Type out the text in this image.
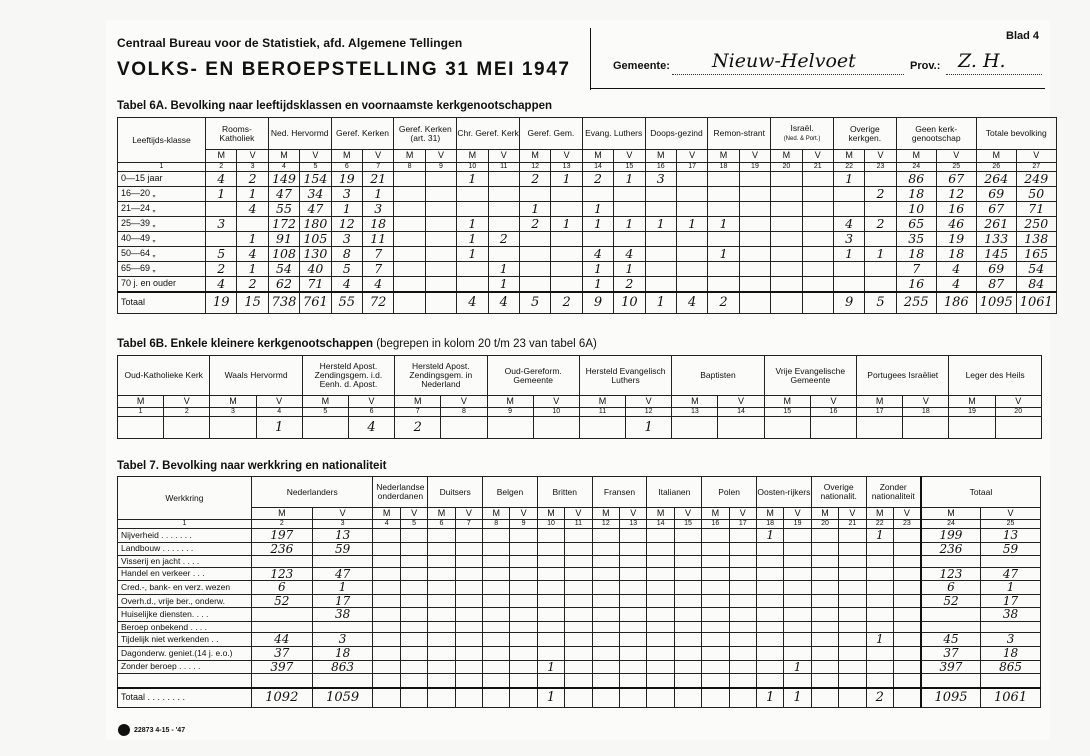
Centraal Bureau voor de Statistiek, afd. Algemene Tellingen
VOLKS- EN BEROEPSTELLING 31 MEI 1947
Blad 4
Gemeente: Nieuw-Helvoet	Prov.: Z. H.
Tabel 6A. Bevolking naar leeftijdsklassen en voornaamste kerkgenootschappen
Leeftijds-klasse	Rooms-Katholiek		Ned. Hervormd		Geref. Kerken		Geref. Kerken (art. 31)		Chr. Geref. Kerk		Geref. Gem.		Evang. Luthers		Doops-gezind		Remon-strant		Israël.
(Ned. & Port.)		Overige kerkgen.		Geen kerk-genootschap		Totale bevolking	
	M	V	M	V	M	V	M	V	M	V	M	V	M	V	M	V	M	V	M	V	M	V	M	V	M	V
1	2	3	4	5	6	7	8	9	10	11	12	13	14	15	16	17	18	19	20	21	22	23	24	25	26	27
0—15 jaar	4	2	149	154	19	21			1		2	1	2	1	3						1		86	67	264	249
16—20 „	1	1	47	34	3	1																2	18	12	69	50
21—24 „		4	55	47	1	3					1		1										10	16	67	71
25—39 „	3		172	180	12	18			1		2	1	1	1	1	1	1				4	2	65	46	261	250
40—49 „		1	91	105	3	11			1	2											3		35	19	133	138
50—64 „	5	4	108	130	8	7			1				4	4			1				1	1	18	18	145	165
65—69 „	2	1	54	40	5	7				1			1	1									7	4	69	54
70 j. en ouder	4	2	62	71	4	4				1			1	2									16	4	87	84
Totaal	19	15	738	761	55	72			4	4	5	2	9	10	1	4	2				9	5	255	186	1095	1061
Tabel 6B. Enkele kleinere kerkgenootschappen (begrepen in kolom 20 t/m 23 van tabel 6A)
Oud-Katholieke Kerk		Waals Hervormd		Hersteld Apost. Zendingsgem. i.d. Eenh. d. Apost.		Hersteld Apost. Zendingsgem. in Nederland		Oud-Gereform. Gemeente		Hersteld Evangelisch Luthers		Baptisten		Vrije Evangelische Gemeente		Portugees Israëliet		Leger des Heils	
M	V	M	V	M	V	M	V	M	V	M	V	M	V	M	V	M	V	M	V
1	2	3	4	5	6	7	8	9	10	11	12	13	14	15	16	17	18	19	20
			1		4	2					1								
Tabel 7. Bevolking naar werkkring en nationaliteit
Werkkring	Nederlanders		Nederlandse onderdanen		Duitsers		Belgen		Britten		Fransen		Italianen		Polen		Oosten-rijkers		Overige nationalit.		Zonder nationaliteit		Totaal	
	M	V	M	V	M	V	M	V	M	V	M	V	M	V	M	V	M	V	M	V	M	V	M	V
1	2	3	4	5	6	7	8	9	10	11	12	13	14	15	16	17	18	19	20	21	22	23	24	25
Nijverheid . . . . . . .	197	13															1				1		199	13
Landbouw . . . . . . .	236	59																					236	59
Visserij en jacht . . . .																								
Handel en verkeer . . .	123	47																					123	47
Cred.-, bank- en verz. wezen	6	1																					6	1
Overh.d., vrije ber., onderw.	52	17																					52	17
Huiselijke diensten. . . .		38																						38
Beroep onbekend . . . .																								
Tijdelijk niet werkenden . .	44	3																			1		45	3
Dagonderw. geniet.(14 j. e.o.)	37	18																					37	18
Zonder beroep . . . . .	397	863							1									1					397	865

Totaal . . . . . . . .	1092	1059							1								1	1			2		1095	1061
22873 4-15 - '47
